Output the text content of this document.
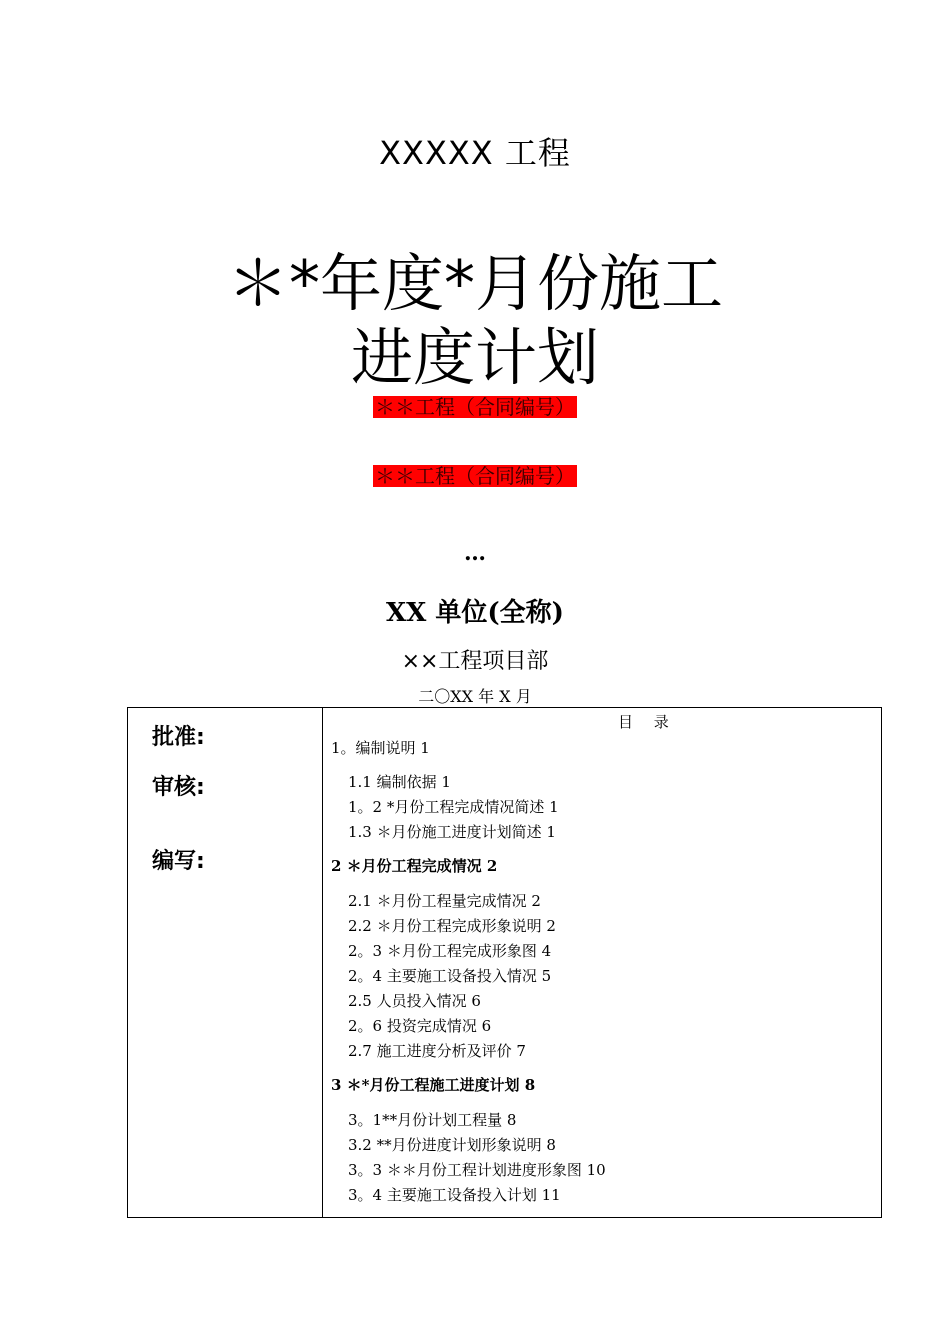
XXXXX 工程
＊*年度*月份施工
进度计划
＊＊工程（合同编号）
＊＊工程（合同编号）
…
XX 单位(全称)
××工程项目部
二〇XX 年 X 月
批准:
审核:
编写:
目 录
1。编制说明 1
1.1 编制依据 1
1。2 *月份工程完成情况简述 1
1.3 ＊月份施工进度计划简述 1
2 ＊月份工程完成情况 2
2.1 ＊月份工程量完成情况 2
2.2 ＊月份工程完成形象说明 2
2。3 ＊月份工程完成形象图 4
2。4 主要施工设备投入情况 5
2.5 人员投入情况 6
2。6 投资完成情况 6
2.7 施工进度分析及评价 7
3 ＊*月份工程施工进度计划 8
3。1**月份计划工程量 8
3.2 **月份进度计划形象说明 8
3。3 ＊＊月份工程计划进度形象图 10
3。4 主要施工设备投入计划 11
